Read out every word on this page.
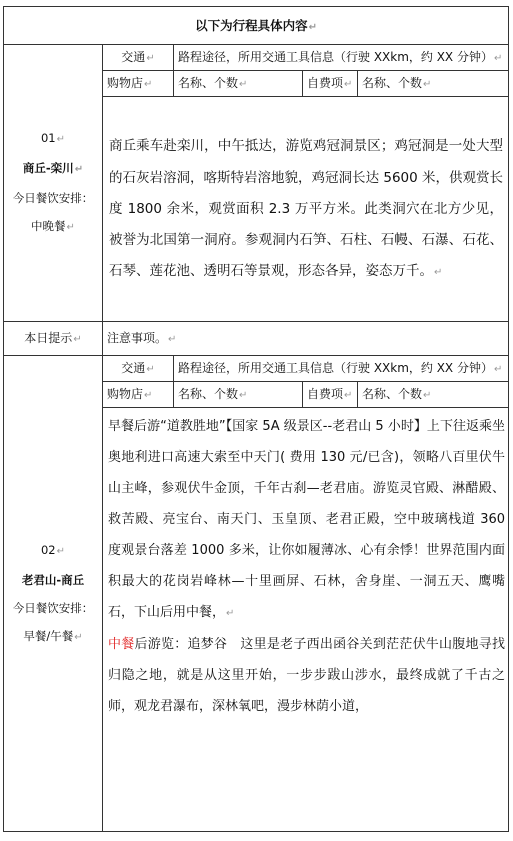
以下为行程具体内容↵				

01↵
商丘-栾川↵
今日餐饮安排：
中晚餐↵	交通↵	路程途径，所用交通工具信息（行驶 XXkm，约 XX 分钟）↵		
	购物店↵	名称、个数↵	自费项↵	名称、个数↵
	商丘乘车赴栾川，中午抵达，游览鸡冠洞景区；鸡冠洞是一处大型的石灰岩溶洞，喀斯特岩溶地貌，鸡冠洞长达 5600 米，供观赏长度 1800 余米，观赏面积 2.3 万平方米。此类洞穴在北方少见，被誉为北国第一洞府。参观洞内石笋、石柱、石幔、石瀑、石花、石琴、莲花池、透明石等景观，形态各异，姿态万千。↵			
本日提示↵	注意事项。↵			

02↵
老君山-商丘
今日餐饮安排：
早餐/午餐↵	交通↵	路程途径，所用交通工具信息（行驶 XXkm，约 XX 分钟）↵		
	购物店↵	名称、个数↵	自费项↵	名称、个数↵

	早餐后游“道教胜地”【国家 5A 级景区--老君山 5 小时】上下往返乘坐奥地利进口高速大索至中天门( 费用 130 元/已含)，领略八百里伏牛山主峰，参观伏牛金顶，千年古刹—老君庙。游览灵官殿、淋醋殿、救苦殿、亮宝台、南天门、玉皇顶、老君正殿，空中玻璃栈道 360 度观景台落差 1000 多米，让你如履薄冰、心有余悸！世界范围内面积最大的花岗岩峰林—十里画屏、石林，舍身崖、一洞五天、鹰嘴石，下山后用中餐，↵

中餐后游览：追梦谷　这里是老子西出函谷关到茫茫伏牛山腹地寻找归隐之地，就是从这里开始，一步步跋山涉水，最终成就了千古之师，观龙君瀑布，深林氧吧，漫步林荫小道，			
